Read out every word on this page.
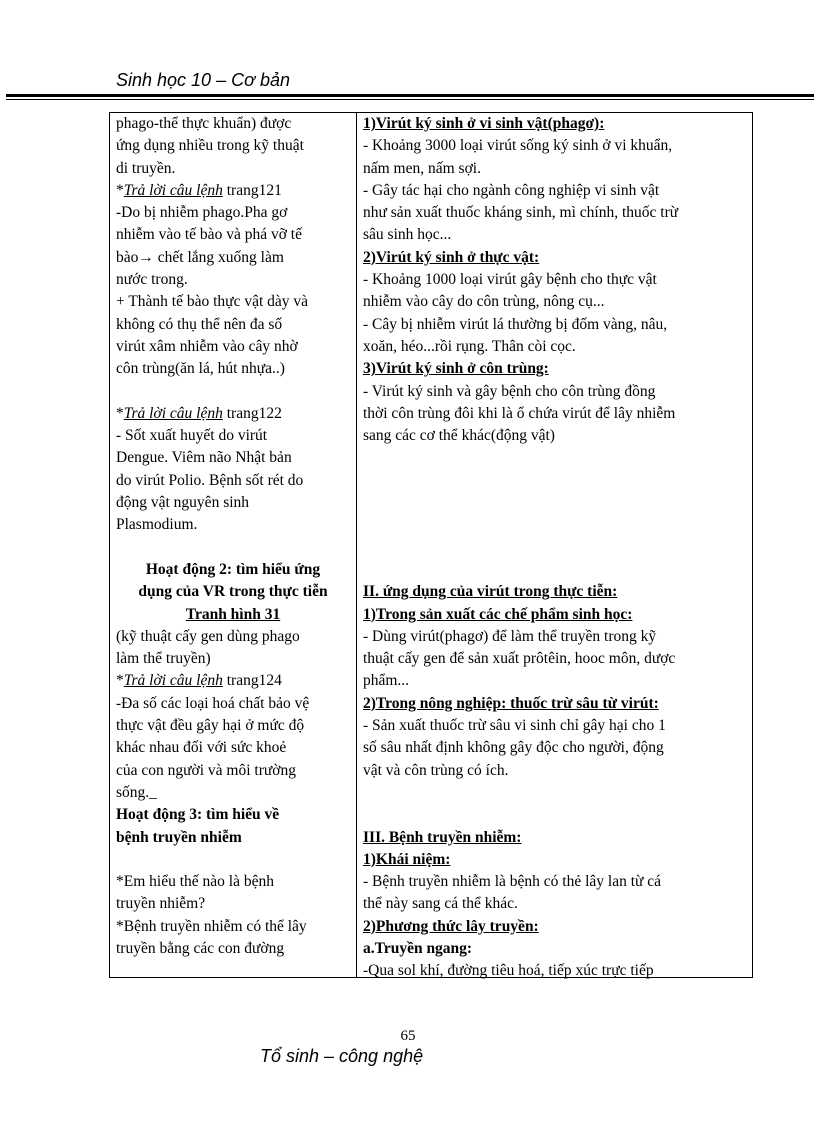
Sinh học 10 – Cơ bản

phago-thể thực khuẩn) được

ứng dụng nhiều trong kỹ thuật

di truyền.

*Trả lời câu lệnh trang121

-Do bị nhiễm phago.Pha gơ

nhiễm vào tế bào và phá vỡ tế

bào→ chết lắng xuống làm

nước trong.

+ Thành tế bào thực vật dày và

không có thụ thể nên đa số

virút xâm nhiễm vào cây nhờ

côn trùng(ăn lá, hút nhựa..)

*Trả lời câu lệnh trang122

- Sốt xuất huyết do virút

Dengue. Viêm não Nhật bản

do virút Polio. Bệnh sốt rét do

động vật nguyên sinh

Plasmodium.

Hoạt động 2: tìm hiểu ứng

dụng của VR trong thực tiễn

Tranh hình 31

(kỹ thuật cấy gen dùng phago

làm thể truyền)

*Trả lời câu lệnh trang124

-Đa số các loại hoá chất bảo vệ

thực vật đều gây hại ở mức độ

khác nhau đối với sức khoẻ

của con người và môi trường

sống._

Hoạt động 3: tìm hiểu về

bệnh truyền nhiễm

*Em hiểu thế nào là bệnh

truyền nhiễm?

*Bệnh truyền nhiễm có thể lây

truyền bằng các con đường

1)Virút ký sinh ở vi sinh vật(phagơ):

- Khoảng 3000 loại virút sống ký sinh ở vi khuẩn,

nấm men, nấm sợi.

- Gây tác hại cho ngành công nghiệp vi sinh vật

như sản xuất thuốc kháng sinh, mì chính, thuốc trừ

sâu sinh học...

2)Virút ký sinh ở thực vật:

- Khoảng 1000 loại virút gây bệnh cho thực vật

nhiễm vào cây do côn trùng, nông cụ...

- Cây bị nhiễm virút lá thường bị đốm vàng, nâu,

xoăn, héo...rồi rụng. Thân còi cọc.

3)Virút ký sinh ở côn trùng:

- Virút ký sinh và gây bệnh cho côn trùng đồng

thời côn trùng đôi khi là ổ chứa virút để lây nhiễm

sang các cơ thể khác(động vật)

II. ứng dụng của virút trong thực tiễn:

1)Trong sản xuất các chế phẩm sinh học:

- Dùng virút(phagơ) để làm thể truyền trong kỹ

thuật cấy gen để sản xuất prôtêin, hooc môn, dược

phẩm...

2)Trong nông nghiệp: thuốc trừ sâu từ virút:

- Sản xuất thuốc trừ sâu vi sinh chỉ gây hại cho 1

số sâu nhất định không gây độc cho người, động

vật và côn trùng có ích.

III. Bệnh truyền nhiễm:

1)Khái niệm:

- Bệnh truyền nhiễm là bệnh có thẻ lây lan từ cá

thể này sang cá thể khác.

2)Phương thức lây truyền:

a.Truyền ngang:

-Qua sol khí, đường tiêu hoá, tiếp xúc trực tiếp

65
Tổ sinh – công nghệ
